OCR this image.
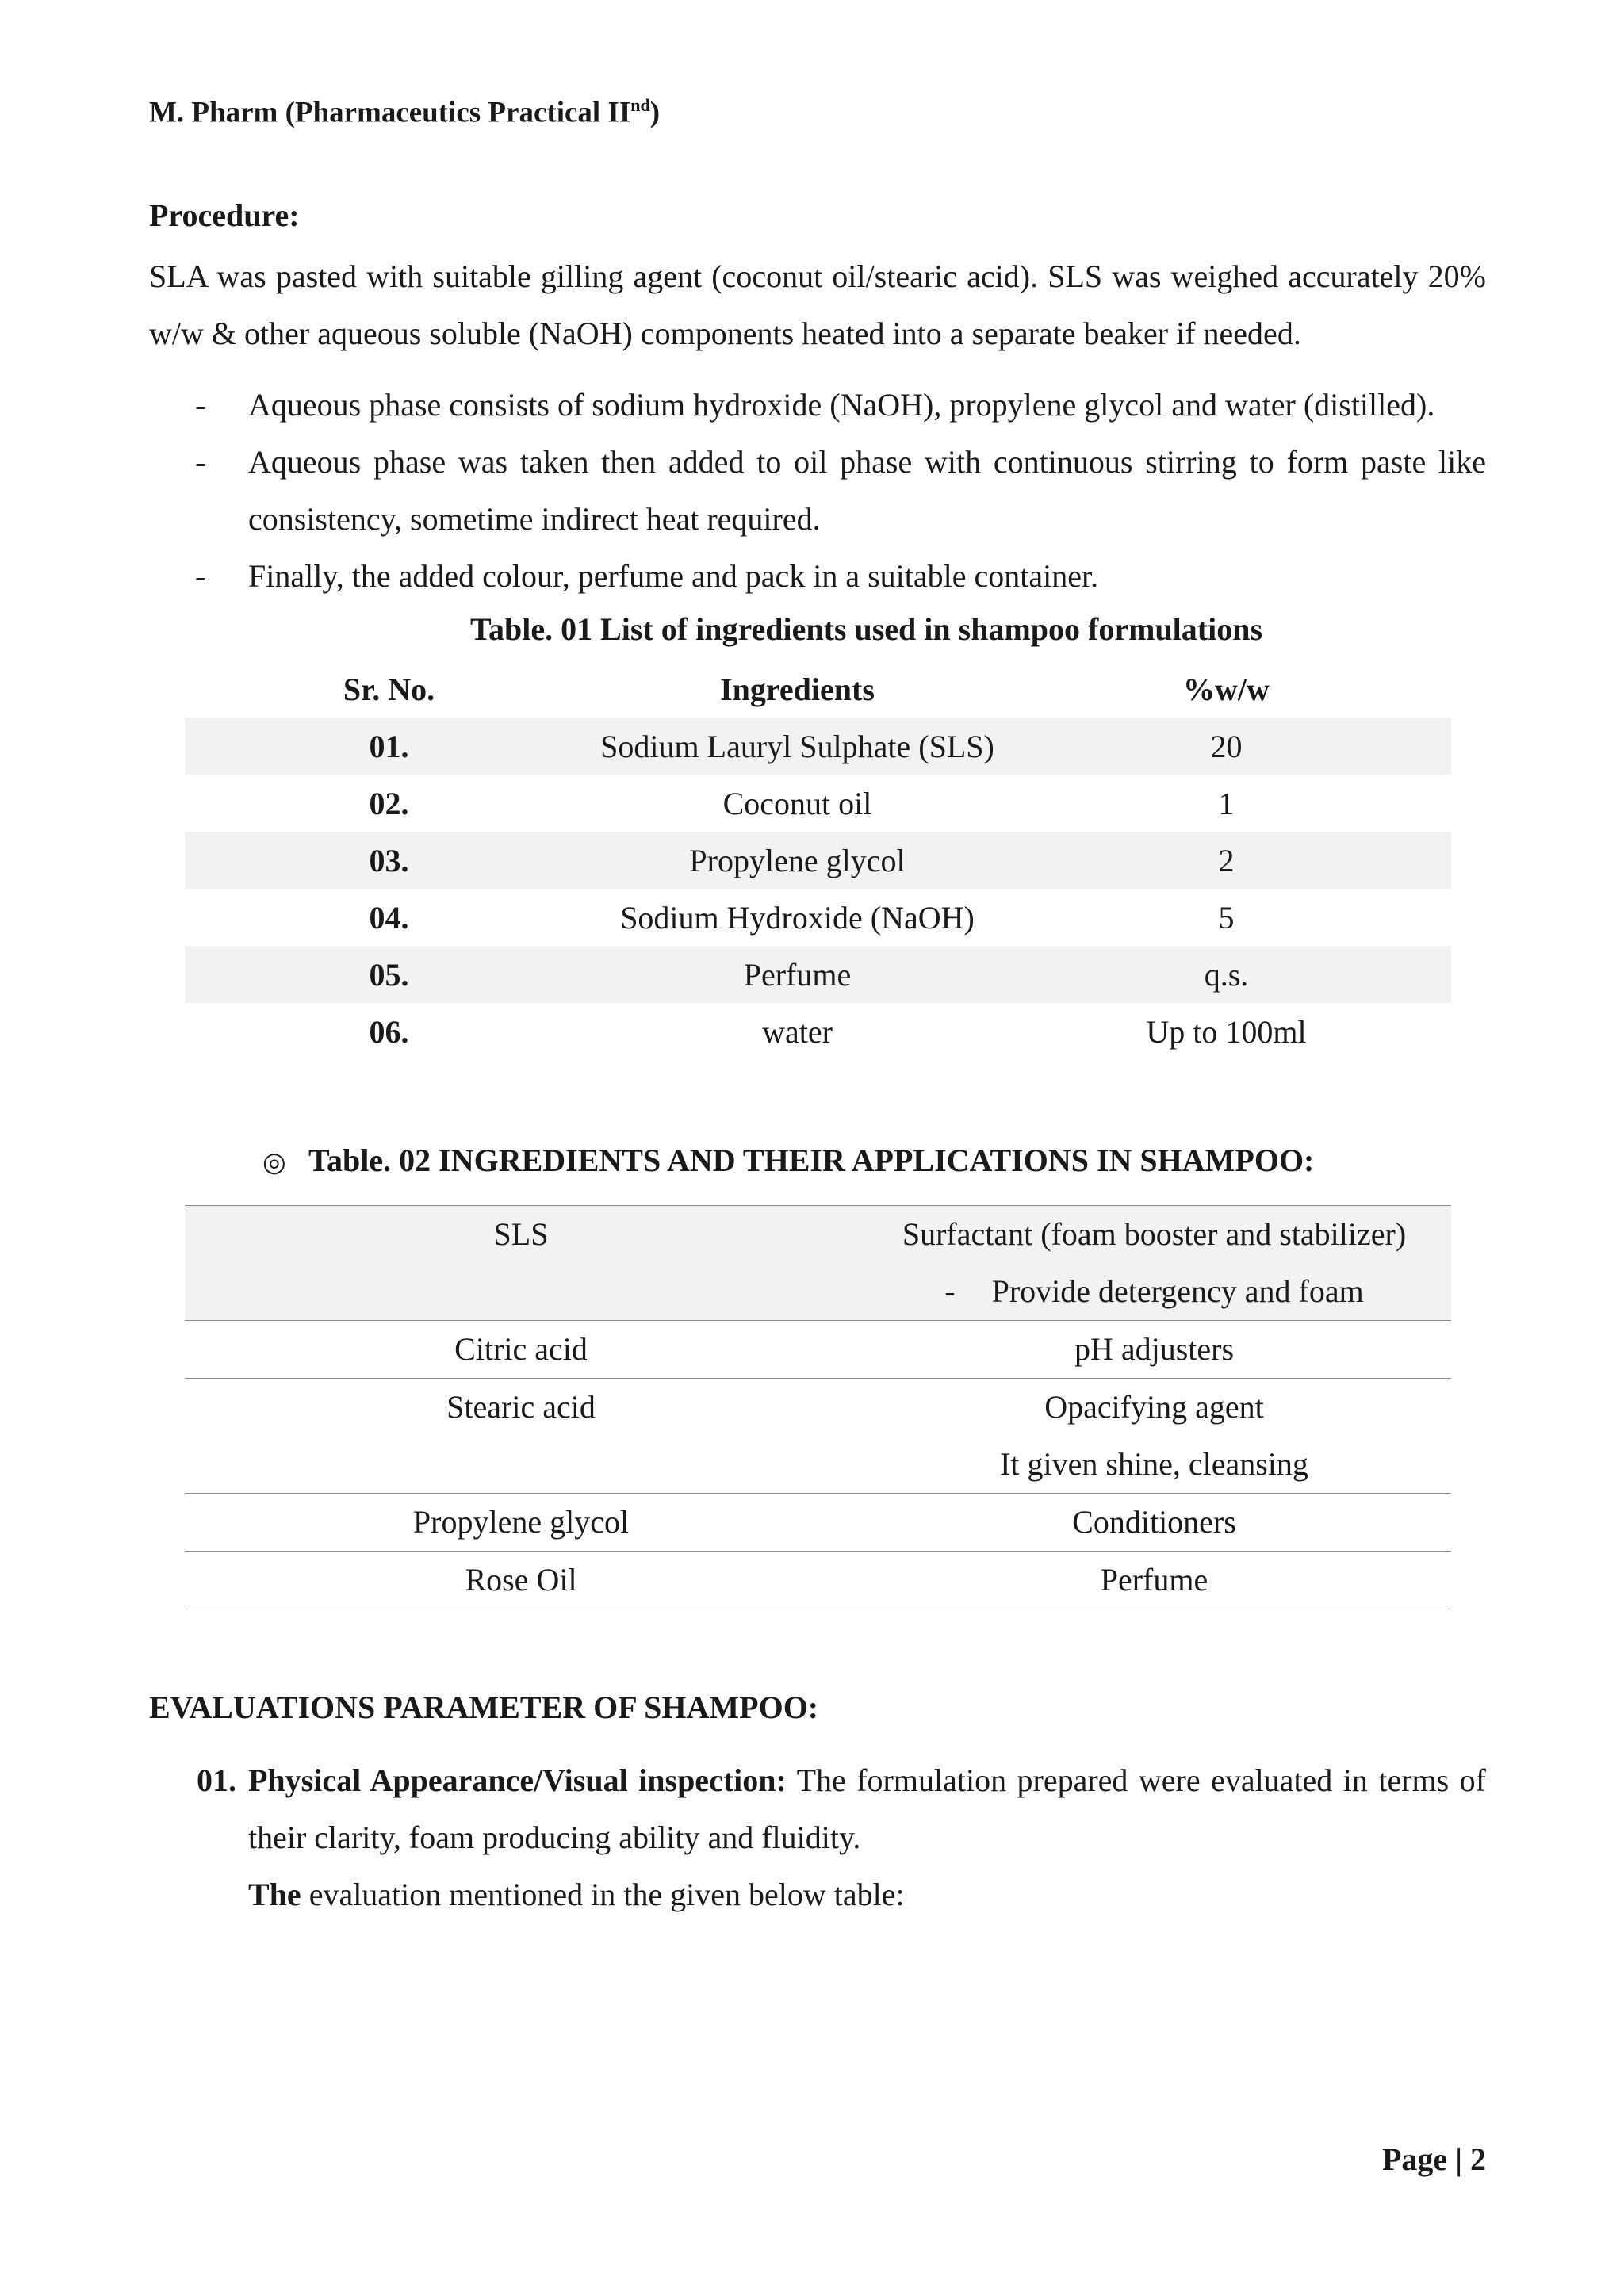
M. Pharm (Pharmaceutics Practical IInd)
Procedure:

SLA was pasted with suitable gilling agent (coconut oil/stearic acid). SLS was weighed accurately 20% w/w & other aqueous soluble (NaOH) components heated into a separate beaker if needed.

- Aqueous phase consists of sodium hydroxide (NaOH), propylene glycol and water (distilled).
- Aqueous phase was taken then added to oil phase with continuous stirring to form paste like consistency, sometime indirect heat required.
- Finally, the added colour, perfume and pack in a suitable container.
Table. 01 List of ingredients used in shampoo formulations
Sr. No.	Ingredients	%w/w
01.	Sodium Lauryl Sulphate (SLS)	20
02.	Coconut oil	1
03.	Propylene glycol	2
04.	Sodium Hydroxide (NaOH)	5
05.	Perfume	q.s.
06.	water	Up to 100ml
◎ Table. 02 INGREDIENTS AND THEIR APPLICATIONS IN SHAMPOO:
SLS	Surfactant (foam booster and stabilizer)
- Provide detergency and foam

Citric acid	pH adjusters
Stearic acid	Opacifying agent
It given shine, cleansing

Propylene glycol	Conditioners
Rose Oil	Perfume
EVALUATIONS PARAMETER OF SHAMPOO:
01. Physical Appearance/Visual inspection: The formulation prepared were evaluated in terms of their clarity, foam producing ability and fluidity.
The evaluation mentioned in the given below table:
Page | 2
